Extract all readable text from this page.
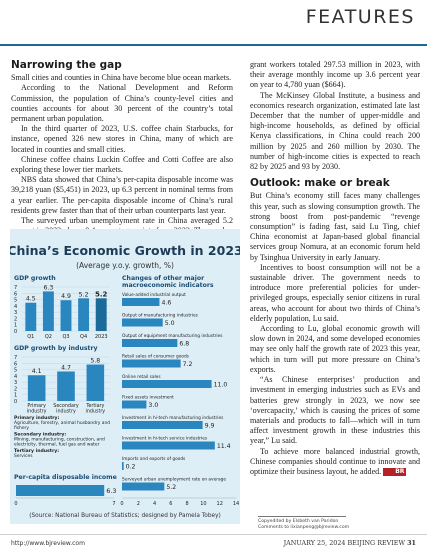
FEATURES
Narrowing the gap

Small cities and counties in China have become blue ocean markets.

According to the National Development and Reform Commission, the population of China’s county-level cities and counties accounts for about 30 percent of the country’s total permanent urban population.

In the third quarter of 2023, U.S. coffee chain Starbucks, for instance, opened 326 new stores in China, many of which are located in counties and small cities.

Chinese coffee chains Luckin Coffee and Cotti Coffee are also exploring these lower tier markets.

NBS data showed that China’s per-capita disposable income was 39,218 yuan ($5,451) in 2023, up 6.3 percent in nominal terms from a year earlier. The per-capita disposable income of China’s rural residents grew faster than that of their urban counterparts last year.

The surveyed urban unemployment rate in China averaged 5.2

grant workers totaled 297.53 million in 2023, with their average monthly income up 3.6 percent year on year to 4,780 yuan ($664).

The McKinsey Global Institute, a business and economics research organization, estimated late last December that the number of upper-middle and high-income households, as defined by official Kenya classifications, in China could reach 200 million by 2025 and 260 million by 2030. The number of high-income cities is expected to reach 82 by 2025 and 93 by 2030.

Outlook: make or break

But China’s economy still faces many challenges this year, such as slowing consumption growth. The strong boost from post-pandemic “revenge consumption” is fading fast, said Lu Ting, chief China economist at Japan-based global financial services group Nomura, at an economic forum held by Tsinghua University in early January.

Incentives to boost consumption will not be a sustainable driver. The government needs to introduce more preferential policies for under-privileged groups, especially senior citizens in rural areas, who account for about two thirds of China’s elderly population, Lu said.

According to Lu, global economic growth will slow down in 2024, and some developed economies may see only half the growth rate of 2023 this year, which in turn will put more pressure on China’s exports.

“As Chinese enterprises’ production and investment in emerging industries such as EVs and batteries grew strongly in 2023, we now see ‘overcapacity,’ which is causing the prices of some materials and products to fall—which will in turn affect investment growth in these industries this year,” Lu said.

To achieve more balanced industrial growth, Chinese companies should continue to innovate and optimize their business layout, he added. BR

China’s Economic Growth in 2023
(Average y.o.y. growth, %)
GDP growth
7
6
5
4
3
2
1
0
4.5
Q1
6.3
Q2
4.9
Q3
5.2
Q4
5.2
2023
GDP growth by industry
7
6
5
4
3
2
1
0
4.1
Primary
industry
4.7
Secondary
industry
5.8
Tertiary
industry
Primary industry:
Agriculture, forestry, animal husbandry and
fishery
Secondary industry:
Mining, manufacturing, construction, and
electricity, thermal, fuel gas and water
Tertiary industry:
Services
Per-capita disposable income
6.3
0	7
Changes of other major
macroeconomic indicators
Value-added industrial output
4.6
Output of manufacturing industries
5.0
Output of equipment manufacturing industries
6.8
Retail sales of consumer goods
7.2
Online retail sales
11.0
Fixed assets investment
3.0
Investment in hi-tech manufacturing industries
9.9
Investment in hi-tech service industries
11.4
Imports and exports of goods
0.2
Surveyed urban unemployment rate on average
5.2
0	2	4	6	8 10 12 14
(Source: National Bureau of Statistics; designed by Pamela Tobey)
Copyedited by Elsbeth van Paridon
Comments to lixianpeng@bjreview.com
http://www.bjreview.com	JANUARY 25, 2024 BEIJING REVIEW 31
